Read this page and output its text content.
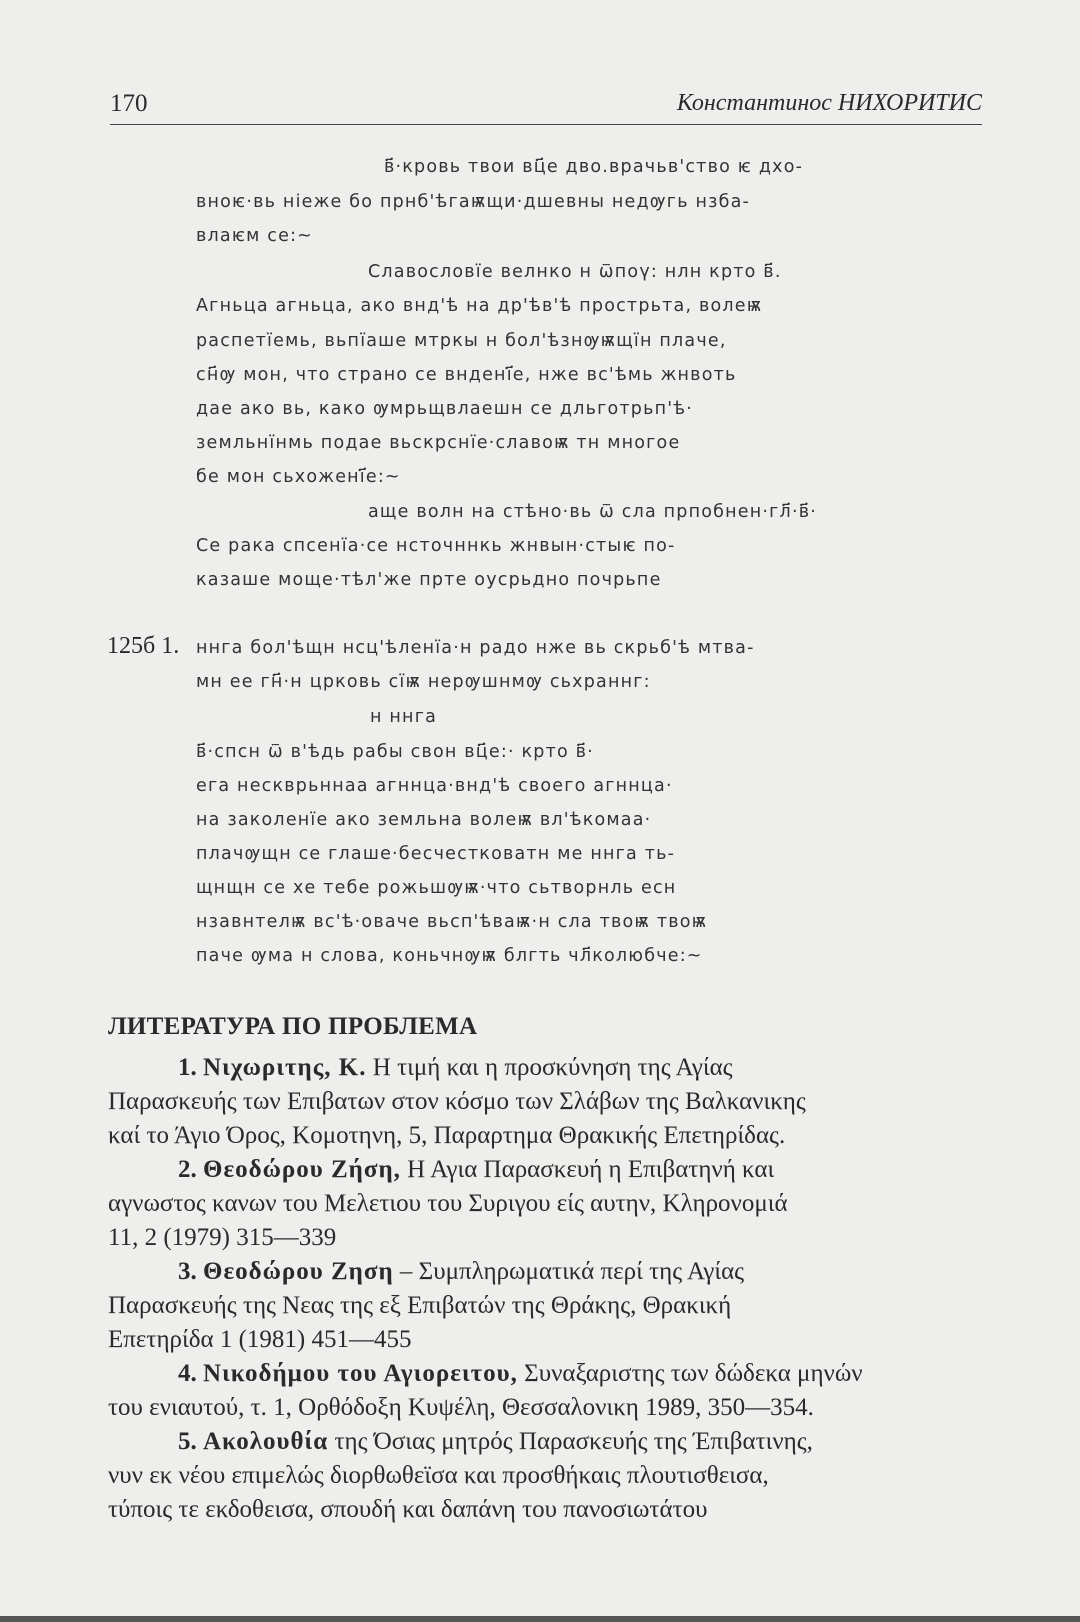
170	Константинос НИХОРИТИС
в҃·кровь твои вц҃е дво.врачьв'ство ѥ дхо-
вноѥ·вь ніеже бо прнб'ѣгаѭщи·дшевны недѹгь нзба-
влаѥм се:~
Славословїе велнко н ѿпоү: нлн крто в҃.
Агньца агньца, ако внд'ѣ на др'ѣв'ѣ прострьта, волеѭ
распетїемь, вьпїаше мтркы н бол'ѣзнѹѭщїн плаче,
сн҃ѹ мон, что страно се вндені҃е, нже вс'ѣмь жнвоть
дае ако вь, како ѹмрьщвлаешн се дльготрьп'ѣ·
земльнїнмь подае вьскрснїе·славоѭ тн многое
бе мон сьхожені҃е:~
аще волн на стѣно·вь ѿ сла прпобнен·гл҃·в҃·
Се рака спсенїа·се нсточннкь жнвын·стыѥ по-
казаше моще·тѣл'же прте оусрьдно почрьпе
125б 1. ннга бол'ѣщн нсц'ѣленїа·н радо нже вь скрьб'ѣ мтва-
мн ее гн҃·н црковь сїѭ нерѹшнмѹ сьхраннг:
н ннга
в҃·спсн ѿ в'ѣдь рабы свон вц҃е:· крто в҃·
ега нескврьннаа агннца·внд'ѣ своего агннца·
на заколенїе ако земльна волеѭ вл'ѣкомаа·
плачѹщн се глаше·бесчестковатн ме ннга ть-
щнщн се хе тебе рожьшѹѭ·что сьтворнль есн
нзавнтелѭ вс'ѣ·овачe вьсп'ѣваѭ·н сла твоѭ твоѭ
паче ѹма н слова, коньчнѹѭ блгть чл҃колюбче:~
ЛИТЕРАТУРА ПО ПРОБЛЕМА
1. Νιχωριτης, Κ. Η τιμή και η προσκύνηση της Αγίας
Παρασκευής των Επιβατων στον κόσμο των Σλάβων της Βαλκανικης
καί το Άγιο Όρος, Κομοτηνη, 5, Παραρτημα Θρακικής Επετηρίδας.
2. Θεοδώρου Ζήση, Η Αγια Παρασκευή η Επιβατηνή και
αγνωστος κανων του Μελετιου του Συριγου είς αυτην, Κληρονομιά
11, 2 (1979) 315—339
3. Θεοδώρου Ζηση – Συμπληρωματικά περί της Αγίας
Παρασκευής της Νεας της εξ Επιβατών της Θράκης, Θρακική
Επετηρίδα 1 (1981) 451—455
4. Νικοδήμου του Αγιορειτου, Συναξαριστης των δώδεκα μηνών
του ενιαυτού, τ. 1, Ορθόδοξη Κυψέλη, Θεσσαλονικη 1989, 350—354.
5. Ακολουθία της Όσιας μητρός Παρασκευής της Έπιβατινης,
νυν εκ νέου επιμελώς διορθωθεϊσα και προσθήκαις πλουτισθεισα,
τύποις τε εκδοθεισα, σπουδή και δαπάνη του πανοσιωτάτου
